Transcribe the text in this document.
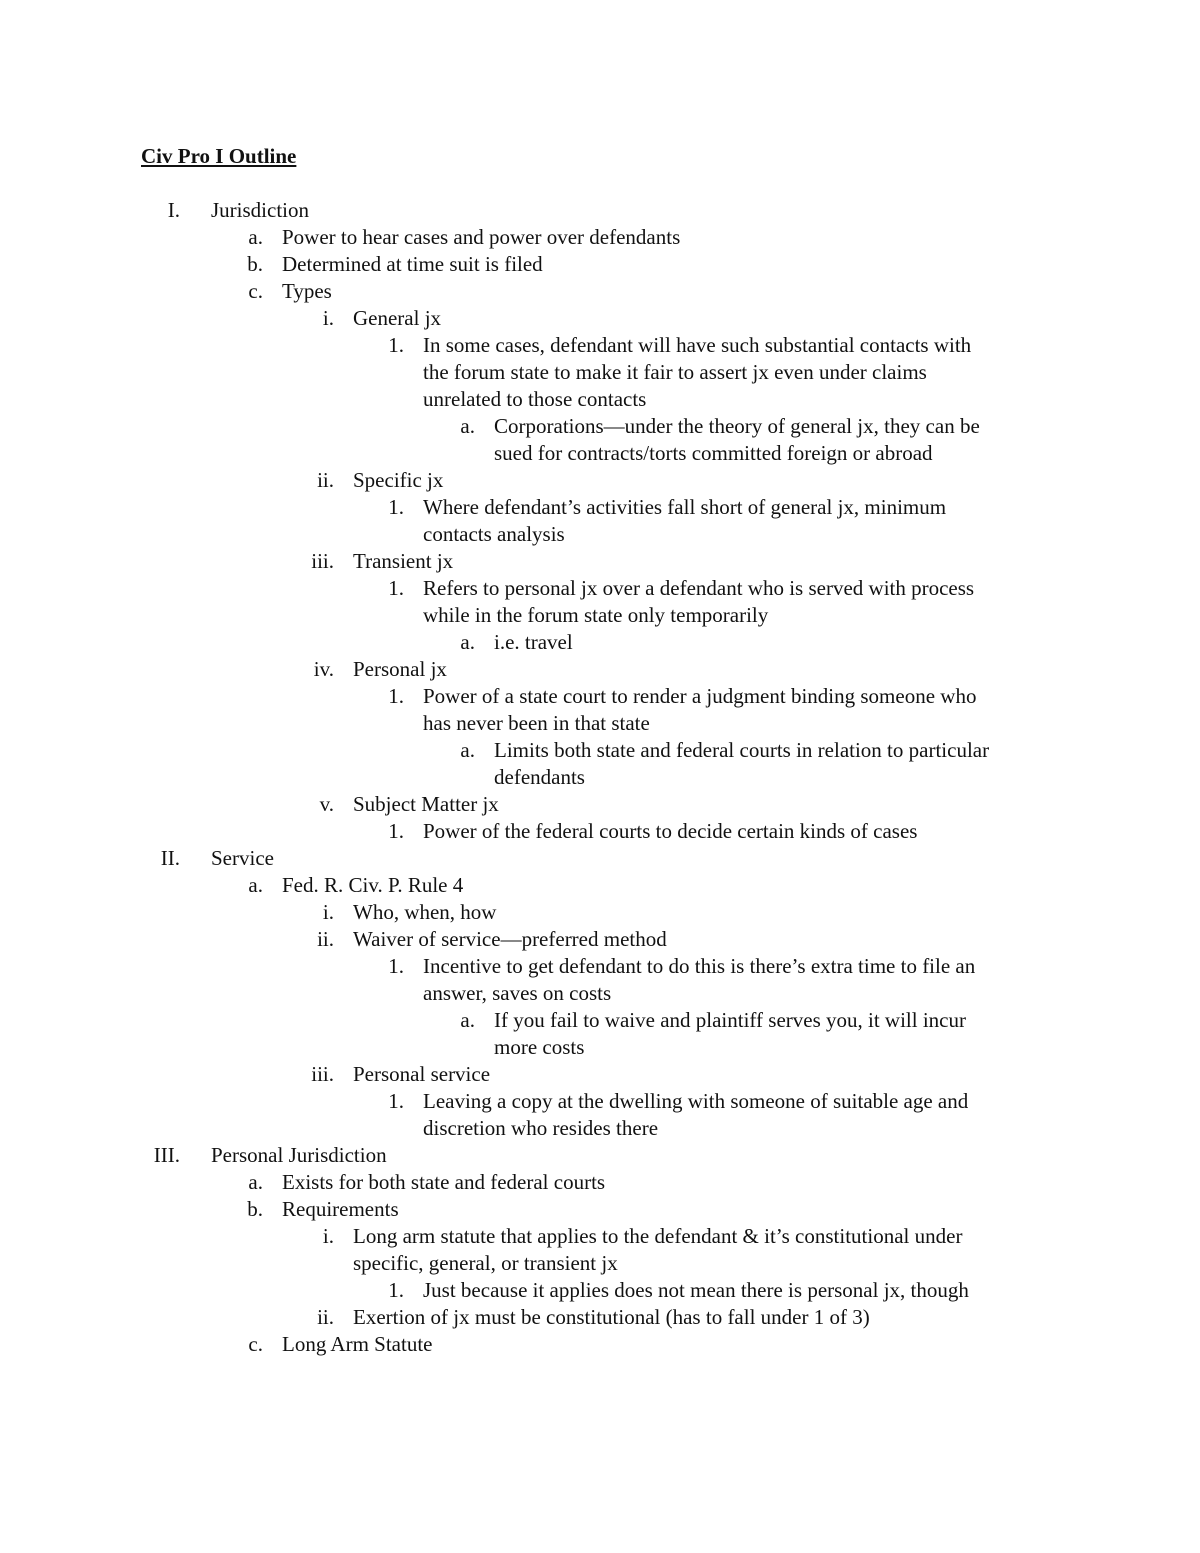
Civ Pro I Outline
I. Jurisdiction
a. Power to hear cases and power over defendants
b. Determined at time suit is filed
c. Types
i. General jx
1. In some cases, defendant will have such substantial contacts with
the forum state to make it fair to assert jx even under claims
unrelated to those contacts
a. Corporations—under the theory of general jx, they can be
sued for contracts/torts committed foreign or abroad
ii. Specific jx
1. Where defendant’s activities fall short of general jx, minimum
contacts analysis
iii. Transient jx
1. Refers to personal jx over a defendant who is served with process
while in the forum state only temporarily
a. i.e. travel
iv. Personal jx
1. Power of a state court to render a judgment binding someone who
has never been in that state
a. Limits both state and federal courts in relation to particular
defendants
v. Subject Matter jx
1. Power of the federal courts to decide certain kinds of cases
II. Service
a. Fed. R. Civ. P. Rule 4
i. Who, when, how
ii. Waiver of service—preferred method
1. Incentive to get defendant to do this is there’s extra time to file an
answer, saves on costs
a. If you fail to waive and plaintiff serves you, it will incur
more costs
iii. Personal service
1. Leaving a copy at the dwelling with someone of suitable age and
discretion who resides there
III. Personal Jurisdiction
a. Exists for both state and federal courts
b. Requirements
i. Long arm statute that applies to the defendant & it’s constitutional under
specific, general, or transient jx
1. Just because it applies does not mean there is personal jx, though
ii. Exertion of jx must be constitutional (has to fall under 1 of 3)
c. Long Arm Statute
